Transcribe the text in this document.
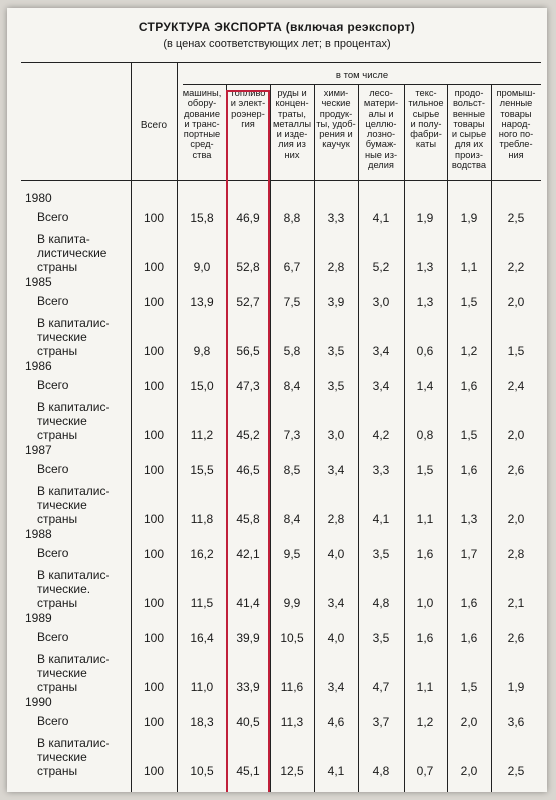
СТРУКТУРА ЭКСПОРТА (включая реэкспорт)
(в ценах соответствующих лет; в процентах)
Всего
в том числе
машины,
обору-
дование
и транс-
портные
сред-
ства
топливо
и элект-
роэнер-
гия
руды и
концен-
траты,
металлы
и изде-
лия из
них
хими-
ческие
продук-
ты, удоб-
рения и
каучук
лесо-
матери-
алы и
целлю-
лозно-
бумаж-
ные из-
делия
текс-
тильное
сырье
и полу-
фабри-
каты
продо-
вольст-
венные
товары
и сырье
для их
произ-
водства
промыш-
ленные
товары
народ-
ного по-
требле-
ния
1980
Всего
В капита-
листические
страны
100
100
15,8
9,0
46,9
52,8
8,8
6,7
3,3
2,8
4,1
5,2
1,9
1,3
1,9
1,1
2,5
2,2
1985
Всего
В капиталис-
тические
страны
100
100
13,9
9,8
52,7
56,5
7,5
5,8
3,9
3,5
3,0
3,4
1,3
0,6
1,5
1,2
2,0
1,5
1986
Всего
В капиталис-
тические
страны
100
100
15,0
11,2
47,3
45,2
8,4
7,3
3,5
3,0
3,4
4,2
1,4
0,8
1,6
1,5
2,4
2,0
1987
Всего
В капиталис-
тические
страны
100
100
15,5
11,8
46,5
45,8
8,5
8,4
3,4
2,8
3,3
4,1
1,5
1,1
1,6
1,3
2,6
2,0
1988
Всего
В капиталис-
тические.
страны
100
100
16,2
11,5
42,1
41,4
9,5
9,9
4,0
3,4
3,5
4,8
1,6
1,0
1,7
1,6
2,8
2,1
1989
Всего
В капиталис-
тические
страны
100
100
16,4
11,0
39,9
33,9
10,5
11,6
4,0
3,4
3,5
4,7
1,6
1,1
1,6
1,5
2,6
1,9
1990
Всего
В капиталис-
тические
страны
100
100
18,3
10,5
40,5
45,1
11,3
12,5
4,6
4,1
3,7
4,8
1,2
0,7
2,0
2,0
3,6
2,5
